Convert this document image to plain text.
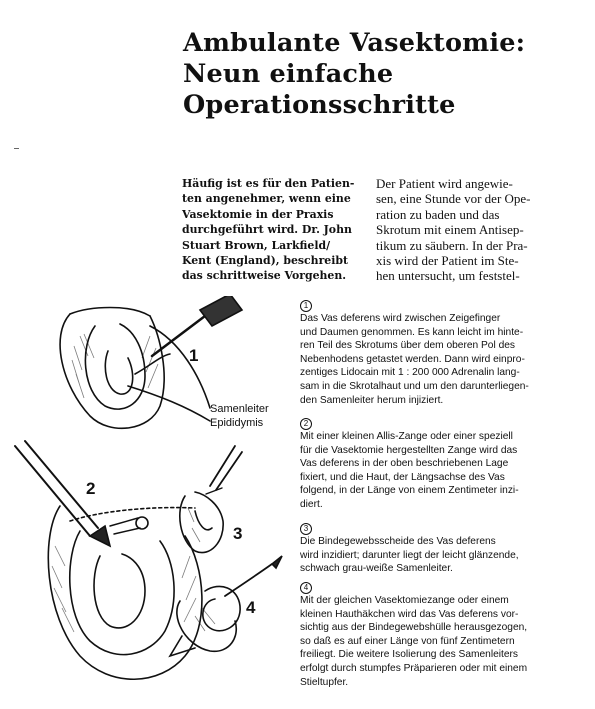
Ambulante Vasektomie:
Neun einfache
Operationsschritte
Häufig ist es für den Patien-
ten angenehmer, wenn eine
Vasektomie in der Praxis
durchgeführt wird. Dr. John
Stuart Brown, Larkfield/
Kent (England), beschreibt
das schrittweise Vorgehen.
Der Patient wird angewie-
sen, eine Stunde vor der Ope-
ration zu baden und das
Skrotum mit einem Antisep-
tikum zu säubern. In der Pra-
xis wird der Patient im Ste-
hen untersucht, um feststel-
Samenleiter
Epididymis
1
2
3
4
1
Das Vas deferens wird zwischen Zeigefinger
und Daumen genommen. Es kann leicht im hinte-
ren Teil des Skrotums über dem oberen Pol des
Nebenhodens getastet werden. Dann wird einpro-
zentiges Lidocain mit 1 : 200 000 Adrenalin lang-
sam in die Skrotalhaut und um den darunterliegen-
den Samenleiter herum injiziert.
2
Mit einer kleinen Allis-Zange oder einer speziell
für die Vasektomie hergestellten Zange wird das
Vas deferens in der oben beschriebenen Lage
fixiert, und die Haut, der Längsachse des Vas
folgend, in der Länge von einem Zentimeter inzi-
diert.
3
Die Bindegewebsscheide des Vas deferens
wird inzidiert; darunter liegt der leicht glänzende,
schwach grau-weiße Samenleiter.
4
Mit der gleichen Vasektomiezange oder einem
kleinen Hauthäkchen wird das Vas deferens vor-
sichtig aus der Bindegewebshülle herausgezogen,
so daß es auf einer Länge von fünf Zentimetern
freiliegt. Die weitere Isolierung des Samenleiters
erfolgt durch stumpfes Präparieren oder mit einem
Stieltupfer.
